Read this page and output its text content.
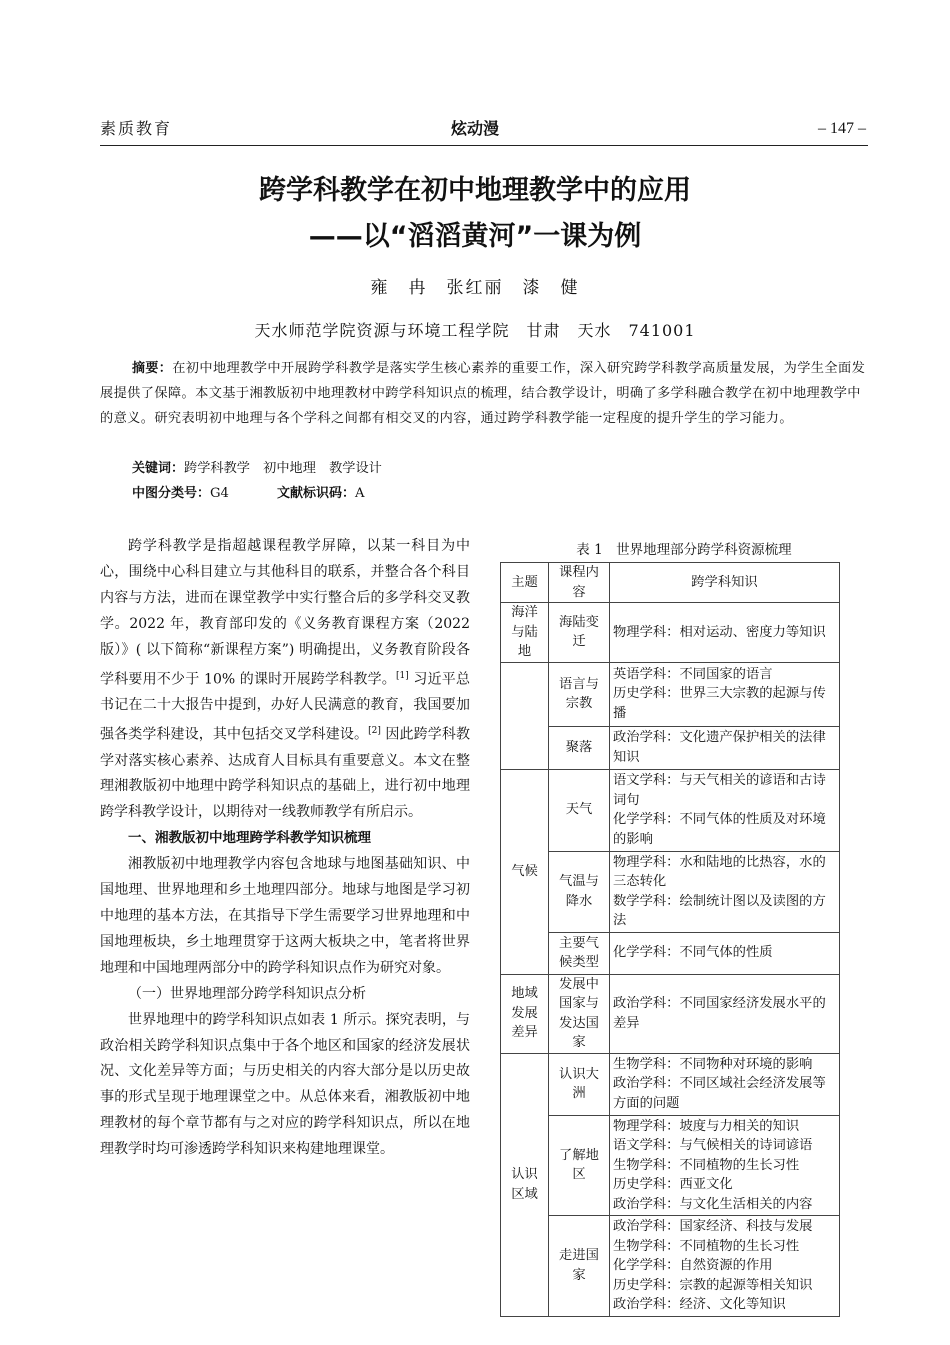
素质教育	炫动漫	– 147 –
跨学科教学在初中地理教学中的应用
——以“滔滔黄河”一课为例
雍　冉　张红丽　漆　健
天水师范学院资源与环境工程学院　甘肃　天水　741001
摘要：在初中地理教学中开展跨学科教学是落实学生核心素养的重要工作，深入研究跨学科教学高质量发展，为学生全面发展提供了保障。本文基于湘教版初中地理教材中跨学科知识点的梳理，结合教学设计，明确了多学科融合教学在初中地理教学中的意义。研究表明初中地理与各个学科之间都有相交叉的内容，通过跨学科教学能一定程度的提升学生的学习能力。
关键词：跨学科教学　初中地理　教学设计
中图分类号：G4	文献标识码：A

跨学科教学是指超越课程教学屏障，以某一科目为中心，围绕中心科目建立与其他科目的联系，并整合各个科目内容与方法，进而在课堂教学中实行整合后的多学科交叉教学。2022 年，教育部印发的《义务教育课程方案（2022 版）》( 以下简称“新课程方案”) 明确提出，义务教育阶段各学科要用不少于 10% 的课时开展跨学科教学。[1] 习近平总书记在二十大报告中提到，办好人民满意的教育，我国要加强各类学科建设，其中包括交叉学科建设。[2] 因此跨学科教学对落实核心素养、达成育人目标具有重要意义。本文在整理湘教版初中地理中跨学科知识点的基础上，进行初中地理跨学科教学设计，以期待对一线教师教学有所启示。

一、湘教版初中地理跨学科教学知识梳理

湘教版初中地理教学内容包含地球与地图基础知识、中国地理、世界地理和乡土地理四部分。地球与地图是学习初中地理的基本方法，在其指导下学生需要学习世界地理和中国地理板块，乡土地理贯穿于这两大板块之中，笔者将世界地理和中国地理两部分中的跨学科知识点作为研究对象。

（一）世界地理部分跨学科知识点分析

世界地理中的跨学科知识点如表 1 所示。探究表明，与政治相关跨学科知识点集中于各个地区和国家的经济发展状况、文化差异等方面；与历史相关的内容大部分是以历史故事的形式呈现于地理课堂之中。从总体来看，湘教版初中地理教材的每个章节都有与之对应的跨学科知识点，所以在地理教学时均可渗透跨学科知识来构建地理课堂。

表 1　世界地理部分跨学科资源梳理
主题	课程内容	跨学科知识
海洋与陆地	海陆变迁	物理学科：相对运动、密度力等知识

	语言与宗教	英语学科：不同国家的语言
历史学科：世界三大宗教的起源与传播

	聚落	政治学科：文化遗产保护相关的法律知识

气候	天气	语文学科：与天气相关的谚语和古诗词句
化学学科：不同气体的性质及对环境的影响

	气温与降水	物理学科：水和陆地的比热容，水的三态转化
数学学科：绘制统计图以及读图的方法

	主要气候类型	化学学科：不同气体的性质

地域发展差异	发展中国家与发达国家	政治学科：不同国家经济发展水平的差异

认识区域	认识大洲	生物学科：不同物种对环境的影响
政治学科：不同区域社会经济发展等方面的问题

	了解地区	物理学科：坡度与力相关的知识
语文学科：与气候相关的诗词谚语
生物学科：不同植物的生长习性
历史学科：西亚文化
政治学科：与文化生活相关的内容

	走进国家	政治学科：国家经济、科技与发展
生物学科：不同植物的生长习性
化学学科：自然资源的作用
历史学科：宗教的起源等相关知识
政治学科：经济、文化等知识
